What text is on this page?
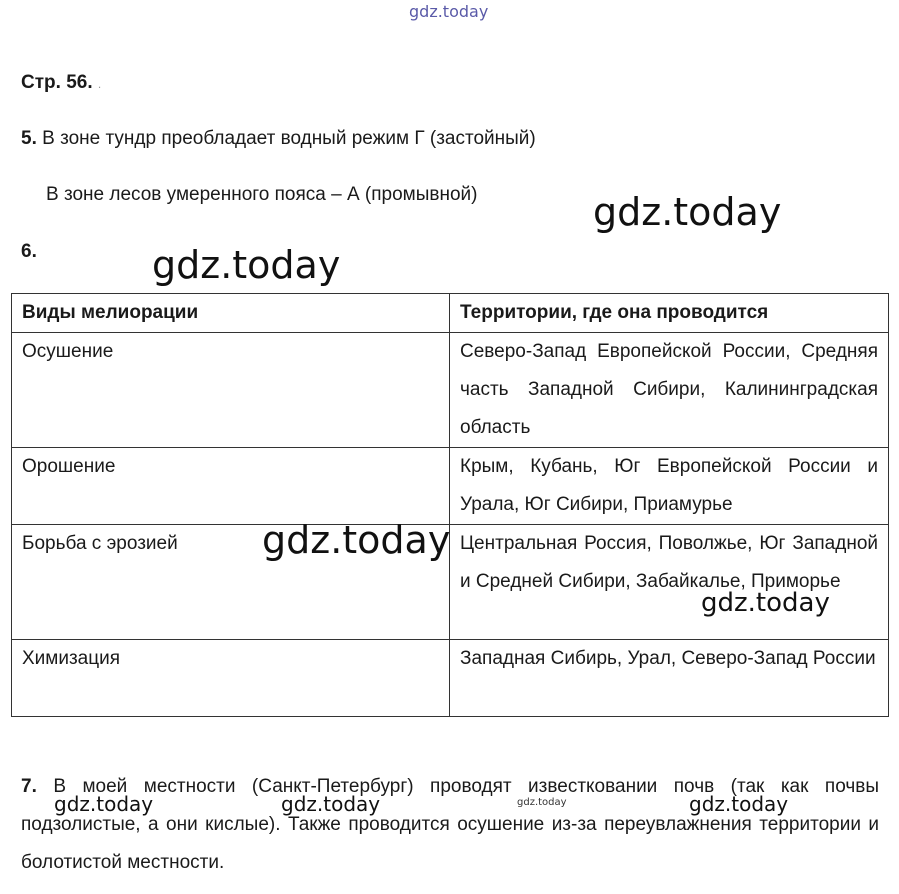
gdz.today
Стр. 56. .
5. В зоне тундр преобладает водный режим Г (застойный)
В зоне лесов умеренного пояса – А (промывной)	gdz.today
6.	gdz.today
Виды мелиорации	Территории, где она проводится
Осушение	Северо-Запад Европейской России, Средняя часть Западной Сибири, Калининградская область
Орошение	Крым, Кубань, Юг Европейской России и Урала, Юг Сибири, Приамурье
Борьба с эрозией	Центральная Россия, Поволжье, Юг Западной и Средней Сибири, Забайкалье, Приморье
Химизация	Западная Сибирь, Урал, Северо-Запад России
gdz.today
gdz.today
7. В моей местности (Санкт-Петербург) проводят известковании почв (так как почвы подзолистые, а они кислые). Также проводится осушение из-за переувлажнения территории и болотистой местности.
gdz.today	gdz.today	gdz.today	gdz.today
